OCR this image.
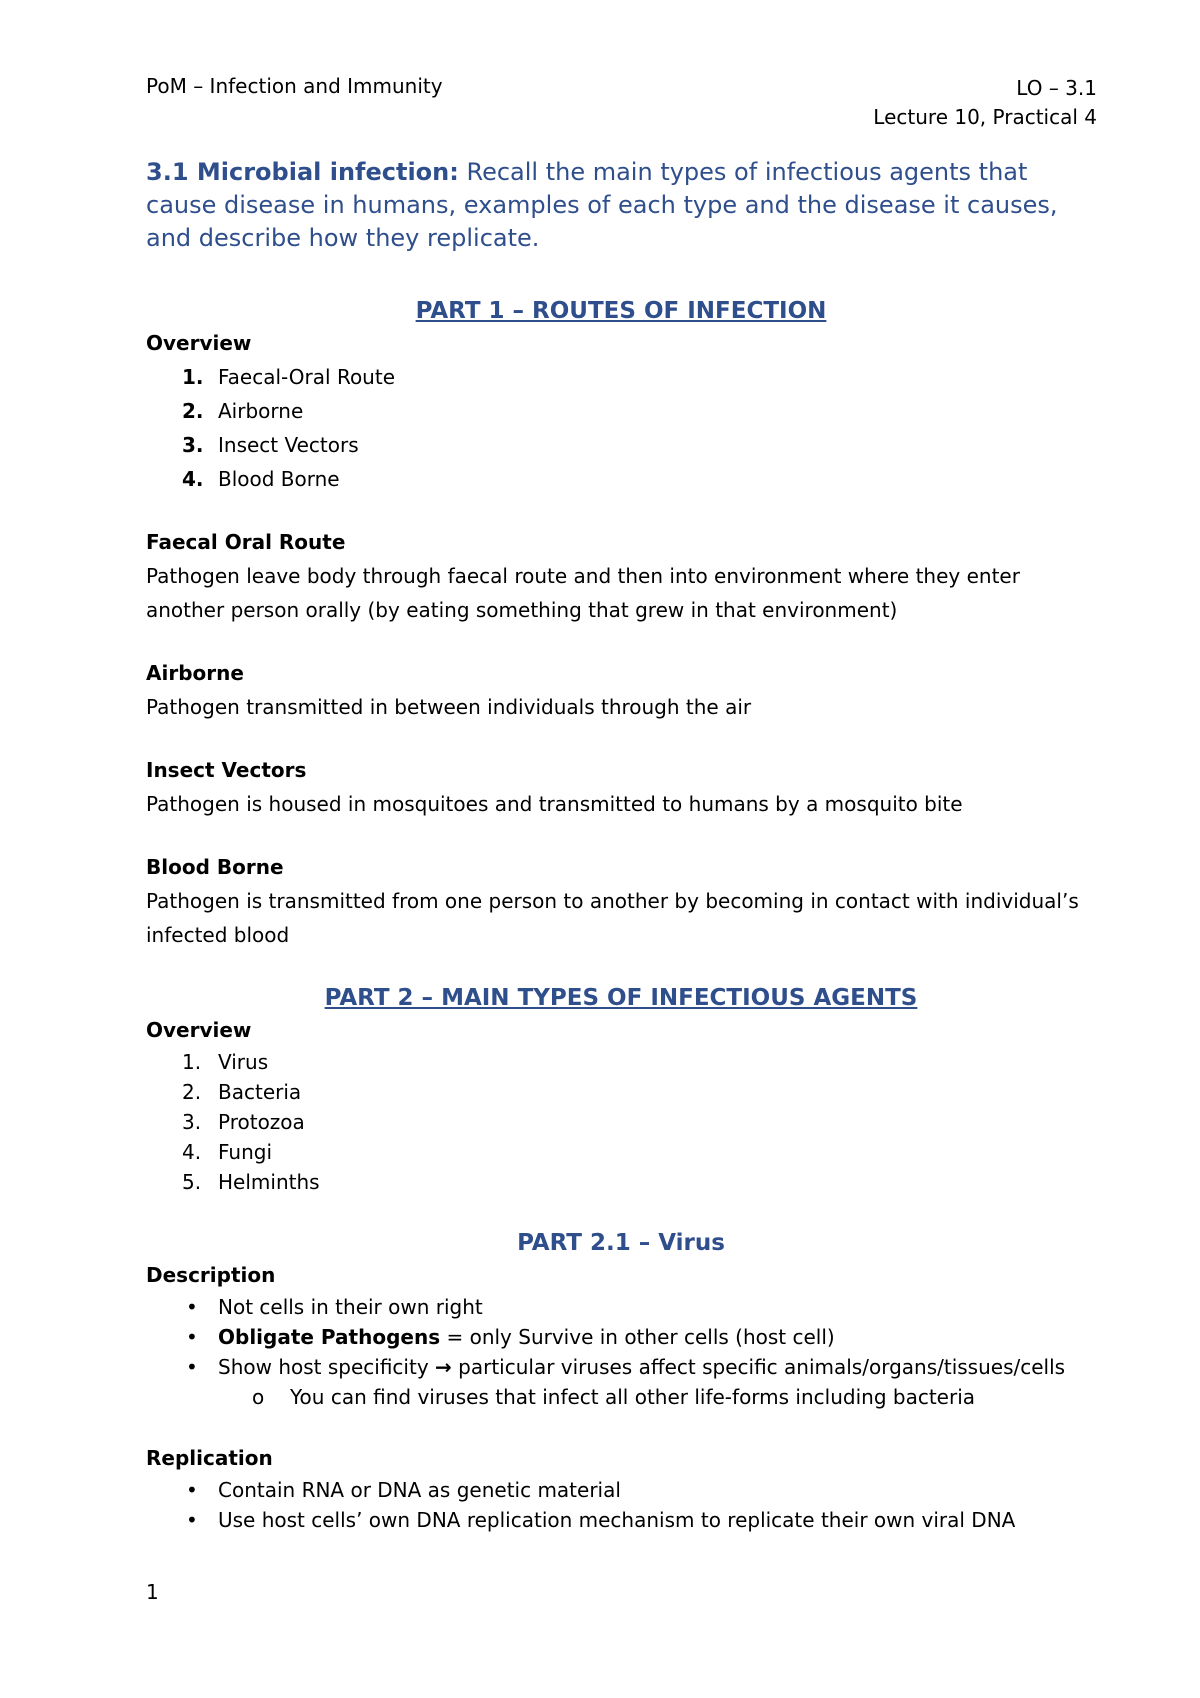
PoM – Infection and Immunity	LO – 3.1
Lecture 10, Practical 4

3.1 Microbial infection: Recall the main types of infectious agents that cause disease in humans, examples of each type and the disease it causes, and describe how they replicate.

PART 1 – ROUTES OF INFECTION

Overview

1. Faecal-Oral Route
2. Airborne
3. Insect Vectors
4. Blood Borne

Faecal Oral Route

Pathogen leave body through faecal route and then into environment where they enter another person orally (by eating something that grew in that environment)

Airborne

Pathogen transmitted in between individuals through the air

Insect Vectors

Pathogen is housed in mosquitoes and transmitted to humans by a mosquito bite

Blood Borne

Pathogen is transmitted from one person to another by becoming in contact with individual’s infected blood

PART 2 – MAIN TYPES OF INFECTIOUS AGENTS

Overview

1. Virus
2. Bacteria
3. Protozoa
4. Fungi
5. Helminths
PART 2.1 – Virus

Description

• Not cells in their own right
• Obligate Pathogens = only Survive in other cells (host cell)
• Show host specificity → particular viruses affect specific animals/organs/tissues/cells
o You can find viruses that infect all other life-forms including bacteria

Replication

• Contain RNA or DNA as genetic material
• Use host cells’ own DNA replication mechanism to replicate their own viral DNA
1
